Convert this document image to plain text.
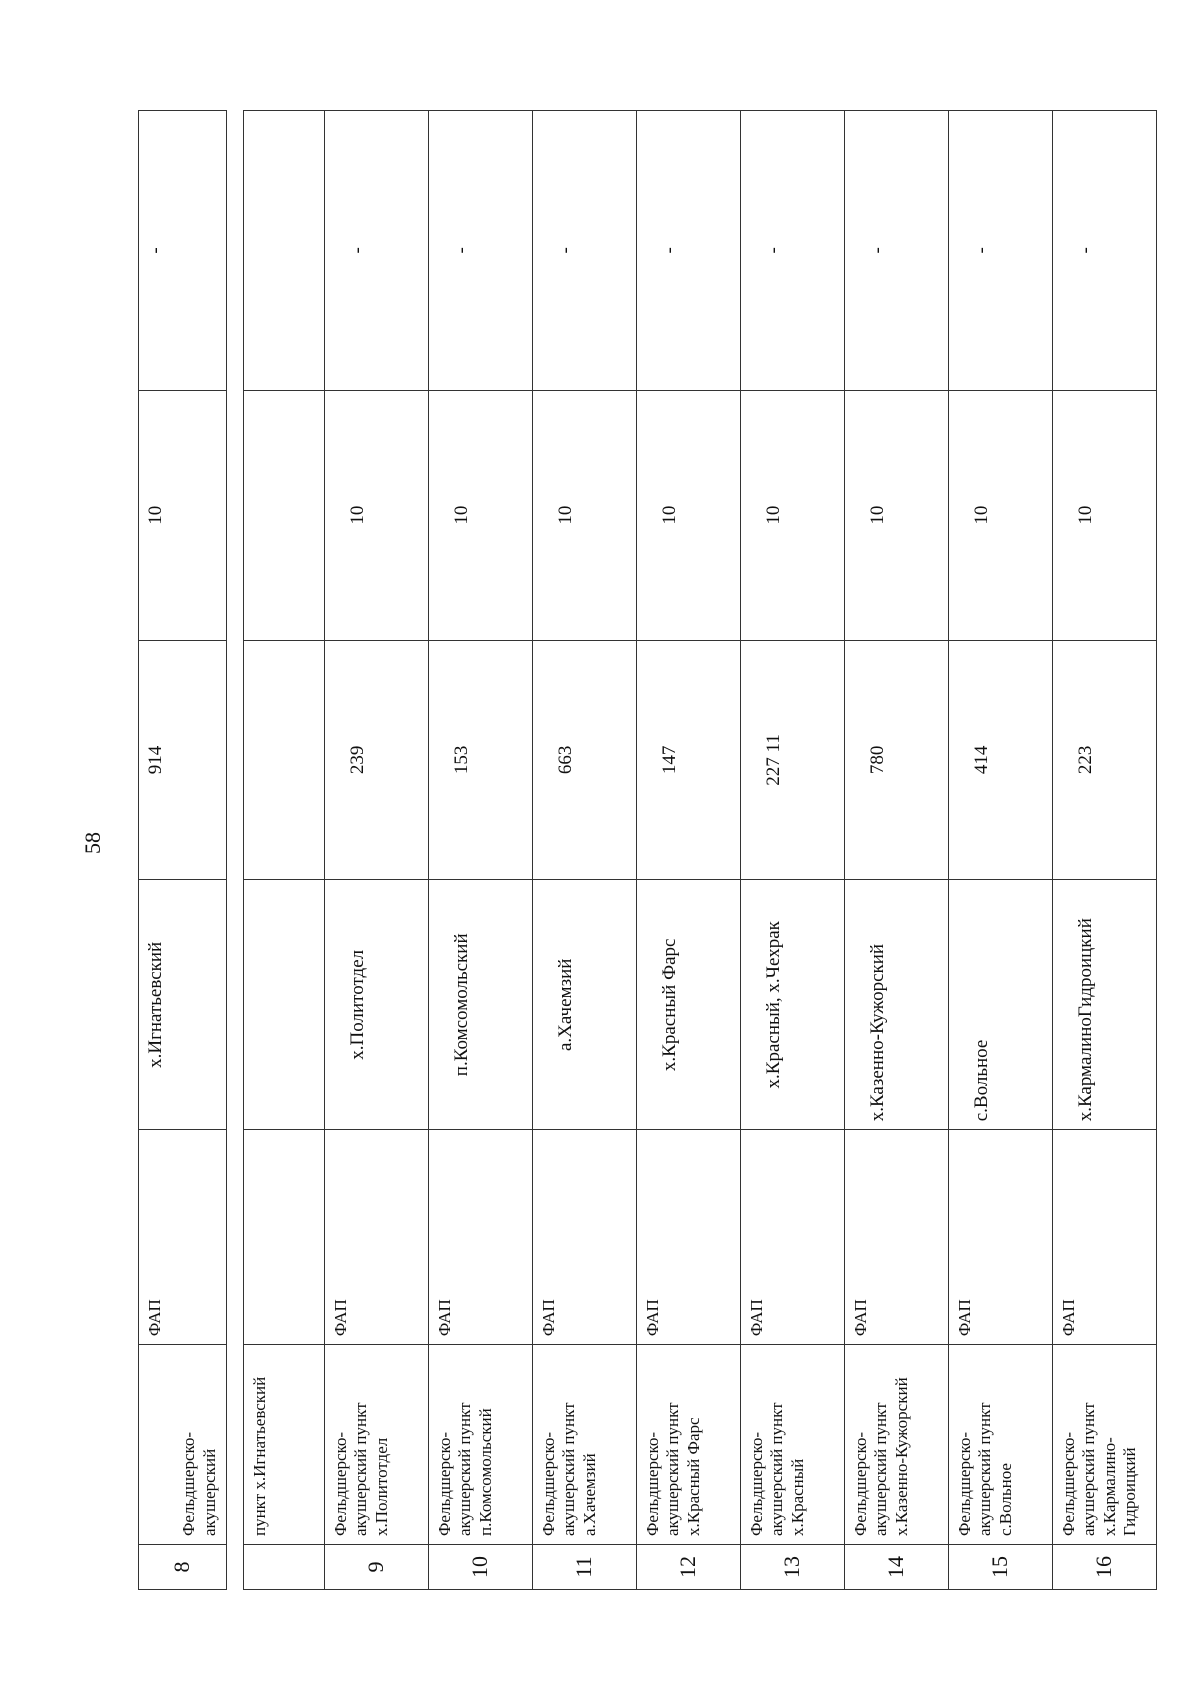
58
8	Фельдшерско-акушерский	ФАП	х.Игнатьевский	914	10	-
	пункт х.Игнатьевский					
9	Фельдшерско-акушерский пункт х.Политотдел	ФАП	х.Политотдел	239	10	-
10	Фельдшерско-акушерский пункт п.Комсомольский	ФАП	п.Комсомольский	153	10	-
11	Фельдшерско-акушерский пункт а.Хачемзий	ФАП	а.Хачемзий	663	10	-
12	Фельдшерско-акушерский пункт х.Красный Фарс	ФАП	х.Красный Фарс	147	10	-
13	Фельдшерско-акушерский пункт х.Красный	ФАП	х.Красный, х.Чехрак	227 11	10	-
14	Фельдшерско-акушерский пункт х.Казенно-Кужорский	ФАП	х.Казенно-Кужорский	780	10	-
15	Фельдшерско-акушерский пункт с.Вольное	ФАП	с.Вольное	414	10	-
16	Фельдшерско-акушерский пункт х.Кармалино-Гидроицкий	ФАП	х.КармалиноГидроицкий	223	10	-
